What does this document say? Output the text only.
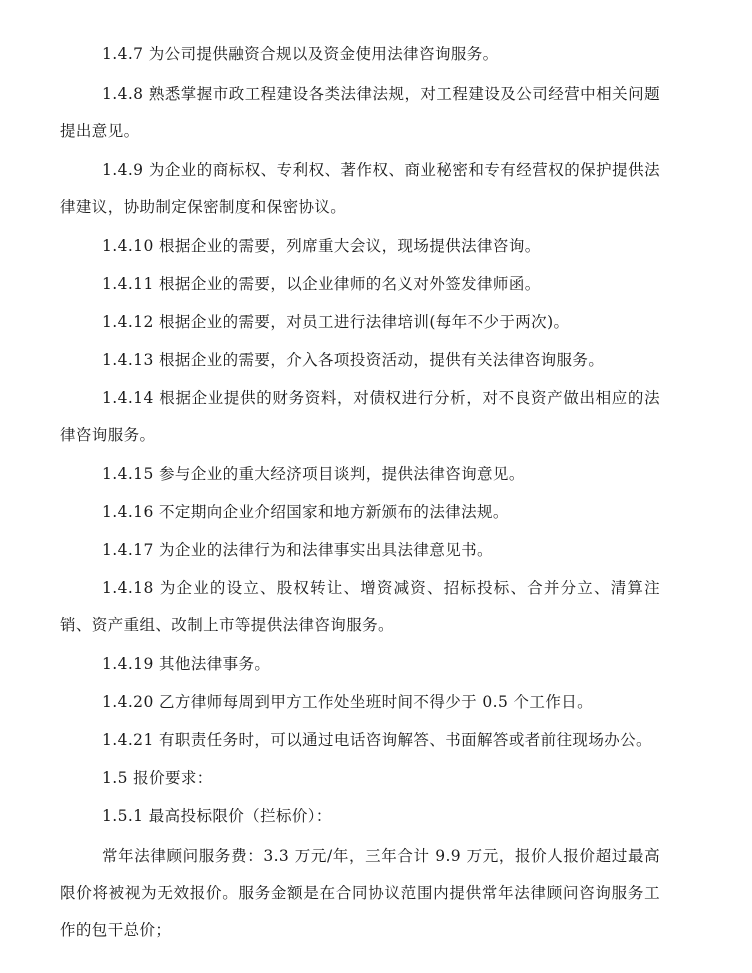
1.4.7 为公司提供融资合规以及资金使用法律咨询服务。
1.4.8 熟悉掌握市政工程建设各类法律法规，对工程建设及公司经营中相关问题提出意见。
1.4.9 为企业的商标权、专利权、著作权、商业秘密和专有经营权的保护提供法律建议，协助制定保密制度和保密协议。
1.4.10 根据企业的需要，列席重大会议，现场提供法律咨询。
1.4.11 根据企业的需要，以企业律师的名义对外签发律师函。
1.4.12 根据企业的需要，对员工进行法律培训(每年不少于两次)。
1.4.13 根据企业的需要，介入各项投资活动，提供有关法律咨询服务。
1.4.14 根据企业提供的财务资料，对债权进行分析，对不良资产做出相应的法律咨询服务。
1.4.15 参与企业的重大经济项目谈判，提供法律咨询意见。
1.4.16 不定期向企业介绍国家和地方新颁布的法律法规。
1.4.17 为企业的法律行为和法律事实出具法律意见书。
1.4.18 为企业的设立、股权转让、增资减资、招标投标、合并分立、清算注销、资产重组、改制上市等提供法律咨询服务。
1.4.19 其他法律事务。
1.4.20 乙方律师每周到甲方工作处坐班时间不得少于 0.5 个工作日。
1.4.21 有职责任务时，可以通过电话咨询解答、书面解答或者前往现场办公。
1.5 报价要求：
1.5.1 最高投标限价（拦标价）：
常年法律顾问服务费：3.3 万元/年，三年合计 9.9 万元，报价人报价超过最高限价将被视为无效报价。服务金额是在合同协议范围内提供常年法律顾问咨询服务工作的包干总价；
